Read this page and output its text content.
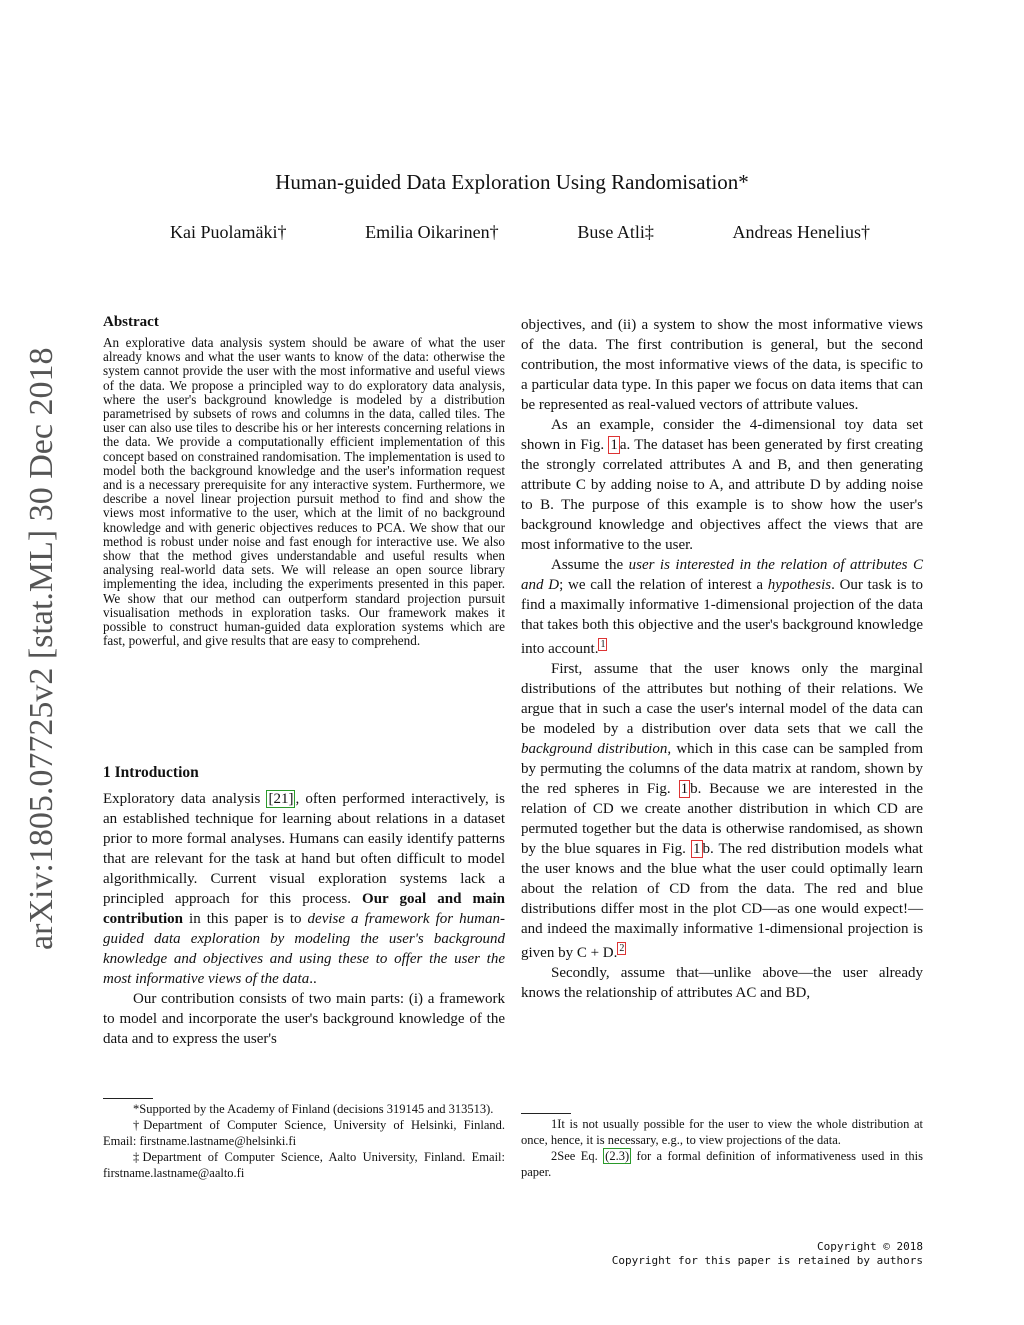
arXiv:1805.07725v2 [stat.ML] 30 Dec 2018
Human-guided Data Exploration Using Randomisation*
Kai Puolamäki†	Emilia Oikarinen†	Buse Atli‡	Andreas Henelius†
Abstract
An explorative data analysis system should be aware of what the user already knows and what the user wants to know of the data: otherwise the system cannot provide the user with the most informative and useful views of the data. We propose a principled way to do exploratory data analysis, where the user's background knowledge is modeled by a distribution parametrised by subsets of rows and columns in the data, called tiles. The user can also use tiles to describe his or her interests concerning relations in the data. We provide a computationally efficient implementation of this concept based on constrained randomisation. The implementation is used to model both the background knowledge and the user's information request and is a necessary prerequisite for any interactive system. Furthermore, we describe a novel linear projection pursuit method to find and show the views most informative to the user, which at the limit of no background knowledge and with generic objectives reduces to PCA. We show that our method is robust under noise and fast enough for interactive use. We also show that the method gives understandable and useful results when analysing real-world data sets. We will release an open source library implementing the idea, including the experiments presented in this paper. We show that our method can outperform standard projection pursuit visualisation methods in exploration tasks. Our framework makes it possible to construct human-guided data exploration systems which are fast, powerful, and give results that are easy to comprehend.
1 Introduction

Exploratory data analysis [21] , often performed interactively, is an established technique for learning about relations in a dataset prior to more formal analyses. Humans can easily identify patterns that are relevant for the task at hand but often difficult to model algorithmically. Current visual exploration systems lack a principled approach for this process. Our goal and main contribution in this paper is to devise a framework for human-guided data exploration by modeling the user's background knowledge and objectives and using these to offer the user the most informative views of the data..

Our contribution consists of two main parts: (i) a framework to model and incorporate the user's background knowledge of the data and to express the user's

*Supported by the Academy of Finland (decisions 319145 and 313513).

†Department of Computer Science, University of Helsinki, Finland. Email: firstname.lastname@helsinki.fi

‡Department of Computer Science, Aalto University, Finland. Email: firstname.lastname@aalto.fi

objectives, and (ii) a system to show the most informative views of the data. The first contribution is general, but the second contribution, the most informative views of the data, is specific to a particular data type. In this paper we focus on data items that can be represented as real-valued vectors of attribute values.

As an example, consider the 4-dimensional toy data set shown in Fig. 1 a. The dataset has been generated by first creating the strongly correlated attributes A and B, and then generating attribute C by adding noise to A, and attribute D by adding noise to B. The purpose of this example is to show how the user's background knowledge and objectives affect the views that are most informative to the user.

Assume the user is interested in the relation of attributes C and D; we call the relation of interest a hypothesis. Our task is to find a maximally informative 1-dimensional projection of the data that takes both this objective and the user's background knowledge into account. $^1$

First, assume that the user knows only the marginal distributions of the attributes but nothing of their relations. We argue that in such a case the user's internal model of the data can be modeled by a distribution over data sets that we call the background distribution, which in this case can be sampled from by permuting the columns of the data matrix at random, shown by the red spheres in Fig. 1 b. Because we are interested in the relation of CD we create another distribution in which CD are permuted together but the data is otherwise randomised, as shown by the blue squares in Fig. 1 b. The red distribution models what the user knows and the blue what the user could optimally learn about the relation of CD from the data. The red and blue distributions differ most in the plot CD—as one would expect!—and indeed the maximally informative 1-dimensional projection is given by C + D. $^2$

Secondly, assume that—unlike above—the user already knows the relationship of attributes AC and BD,

1It is not usually possible for the user to view the whole distribution at once, hence, it is necessary, e.g., to view projections of the data.

2See Eq. (2.3) for a formal definition of informativeness used in this paper.

Copyright © 2018
Copyright for this paper is retained by authors
